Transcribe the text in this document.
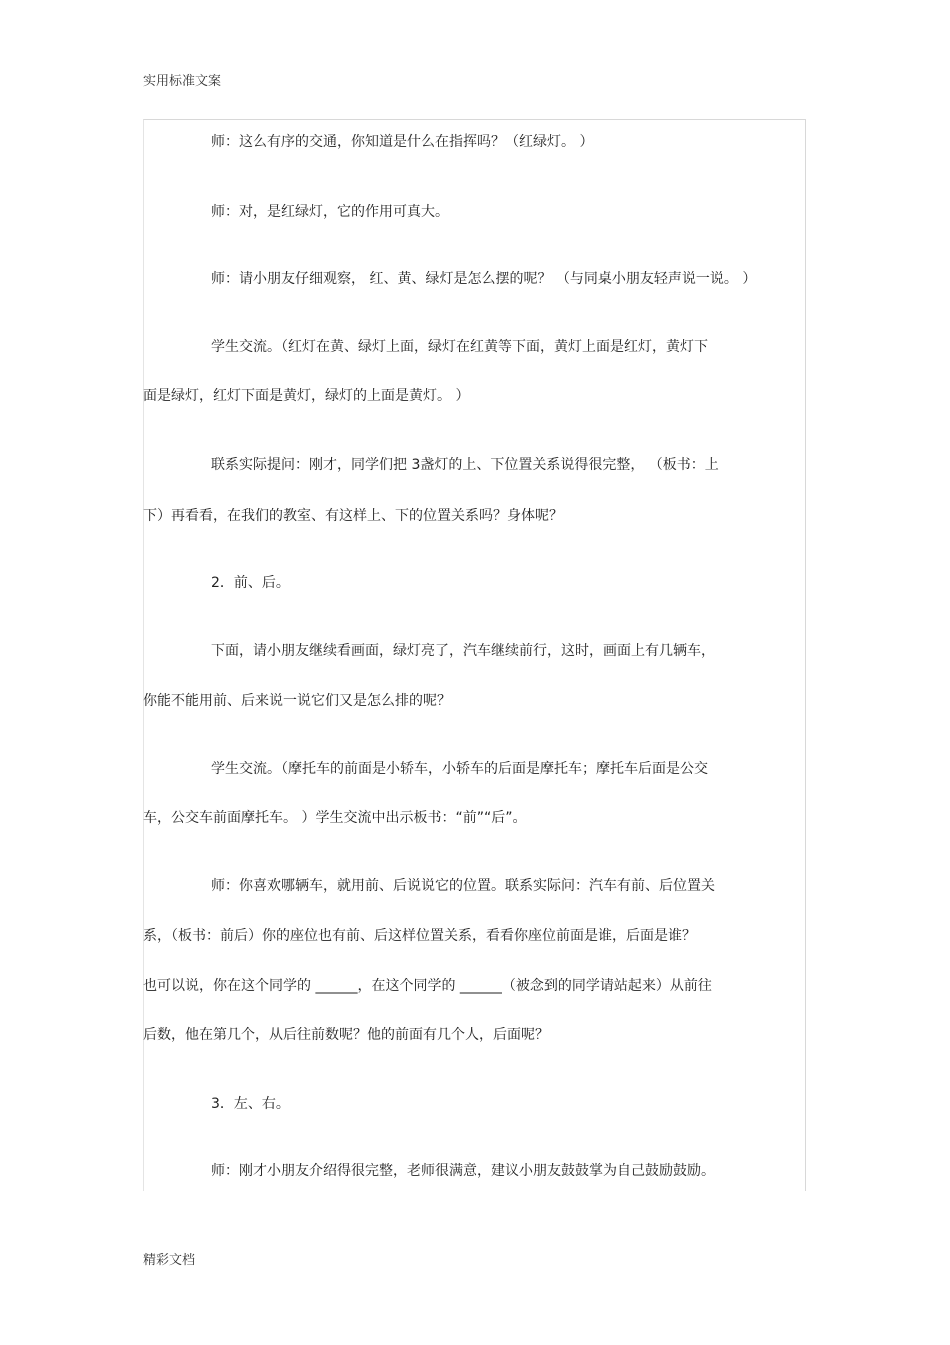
实用标准文案
师：这么有序的交通，你知道是什么在指挥吗？（红绿灯。 ）
师：对，是红绿灯，它的作用可真大。
师：请小朋友仔细观察， 红、黄、绿灯是怎么摆的呢？ （与同桌小朋友轻声说一说。 ）
学生交流。（红灯在黄、绿灯上面，绿灯在红黄等下面，黄灯上面是红灯，黄灯下
面是绿灯，红灯下面是黄灯，绿灯的上面是黄灯。 ）
联系实际提问：刚才，同学们把 3盏灯的上、下位置关系说得很完整， （板书：上
下）再看看，在我们的教室、有这样上、下的位置关系吗？身体呢？
2．前、后。
下面，请小朋友继续看画面，绿灯亮了，汽车继续前行，这时，画面上有几辆车，
你能不能用前、后来说一说它们又是怎么排的呢？
学生交流。（摩托车的前面是小轿车，小轿车的后面是摩托车；摩托车后面是公交
车，公交车前面摩托车。 ）学生交流中出示板书：“前”“后”。
师：你喜欢哪辆车，就用前、后说说它的位置。联系实际问：汽车有前、后位置关
系，（板书：前后）你的座位也有前、后这样位置关系，看看你座位前面是谁，后面是谁？
也可以说，你在这个同学的 ______，在这个同学的 ______（被念到的同学请站起来）从前往
后数，他在第几个，从后往前数呢？他的前面有几个人，后面呢？
3．左、右。
师：刚才小朋友介绍得很完整，老师很满意，建议小朋友鼓鼓掌为自己鼓励鼓励。
精彩文档
